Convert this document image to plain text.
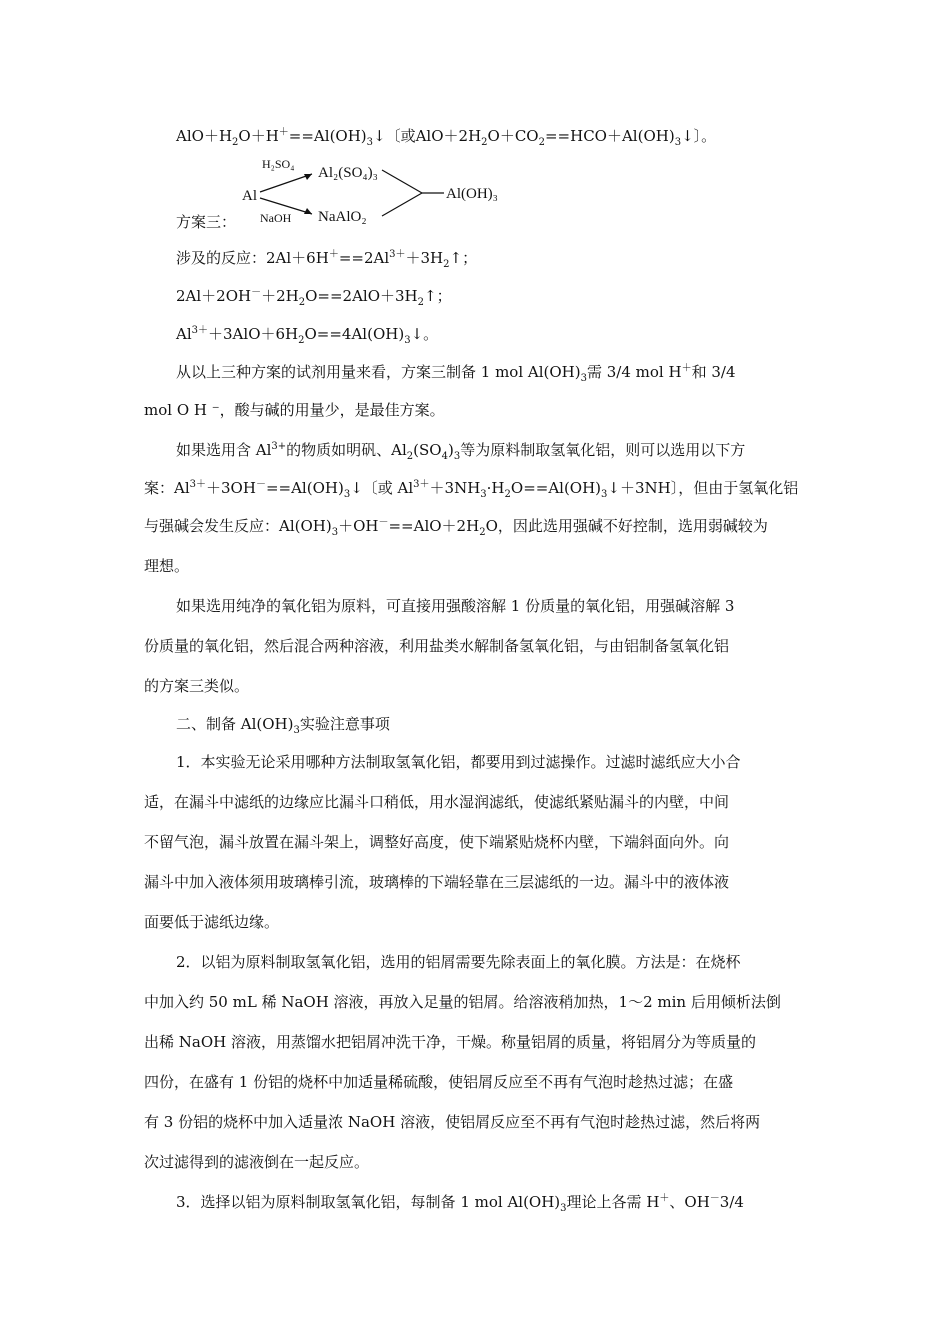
$AlO+H_2O+H^+==Al(OH)_3↓$〔或$AlO+2H_2O+CO_2==HCO+Al(OH)_3↓$〕。
方案三：
Al
H₂SO₄
NaOH
Al₂(SO₄)₃
NaAlO₂
Al(OH)₃
涉及的反应：$2Al+6H^+==2Al^{3+}+3H_2↑$；
$2Al+2OH^-+2H_2O==2AlO+3H_2↑$；
$Al^{3+}+3AlO+6H_2O==4Al(OH)_3↓$。
从以上三种方案的试剂用量来看，方案三制备 1 mol $Al(OH)_3$需 3/4 mol H＋和 3/4
mol O H ⁻，酸与碱的用量少，是最佳方案。
如果选用含 $Al^{3+}$的物质如明矾、$Al_2(SO_4)_3$等为原料制取氢氧化铝，则可以选用以下方
案：$Al^{3+}+3OH^-==Al(OH)_3↓$〔或 $Al^{3+}+3NH_3\cdot H_2O==Al(OH)_3↓+3NH$〕，但由于氢氧化铝
与强碱会发生反应：$Al(OH)_3+OH^-==AlO+2H_2O$，因此选用强碱不好控制，选用弱碱较为
理想。
如果选用纯净的氧化铝为原料，可直接用强酸溶解 1 份质量的氧化铝，用强碱溶解 3
份质量的氧化铝，然后混合两种溶液，利用盐类水解制备氢氧化铝，与由铝制备氢氧化铝
的方案三类似。
二、制备 $Al(OH)_3$实验注意事项
1．本实验无论采用哪种方法制取氢氧化铝，都要用到过滤操作。过滤时滤纸应大小合
适，在漏斗中滤纸的边缘应比漏斗口稍低，用水湿润滤纸，使滤纸紧贴漏斗的内壁，中间
不留气泡，漏斗放置在漏斗架上，调整好高度，使下端紧贴烧杯内壁，下端斜面向外。向
漏斗中加入液体须用玻璃棒引流，玻璃棒的下端轻靠在三层滤纸的一边。漏斗中的液体液
面要低于滤纸边缘。
2．以铝为原料制取氢氧化铝，选用的铝屑需要先除表面上的氧化膜。方法是：在烧杯
中加入约 50 mL 稀 NaOH 溶液，再放入足量的铝屑。给溶液稍加热，1～2 min 后用倾析法倒
出稀 NaOH 溶液，用蒸馏水把铝屑冲洗干净，干燥。称量铝屑的质量，将铝屑分为等质量的
四份，在盛有 1 份铝的烧杯中加适量稀硫酸，使铝屑反应至不再有气泡时趁热过滤；在盛
有 3 份铝的烧杯中加入适量浓 NaOH 溶液，使铝屑反应至不再有气泡时趁热过滤，然后将两
次过滤得到的滤液倒在一起反应。
3．选择以铝为原料制取氢氧化铝，每制备 1 mol $Al(OH)_3$理论上各需 H＋、OH－3/4
